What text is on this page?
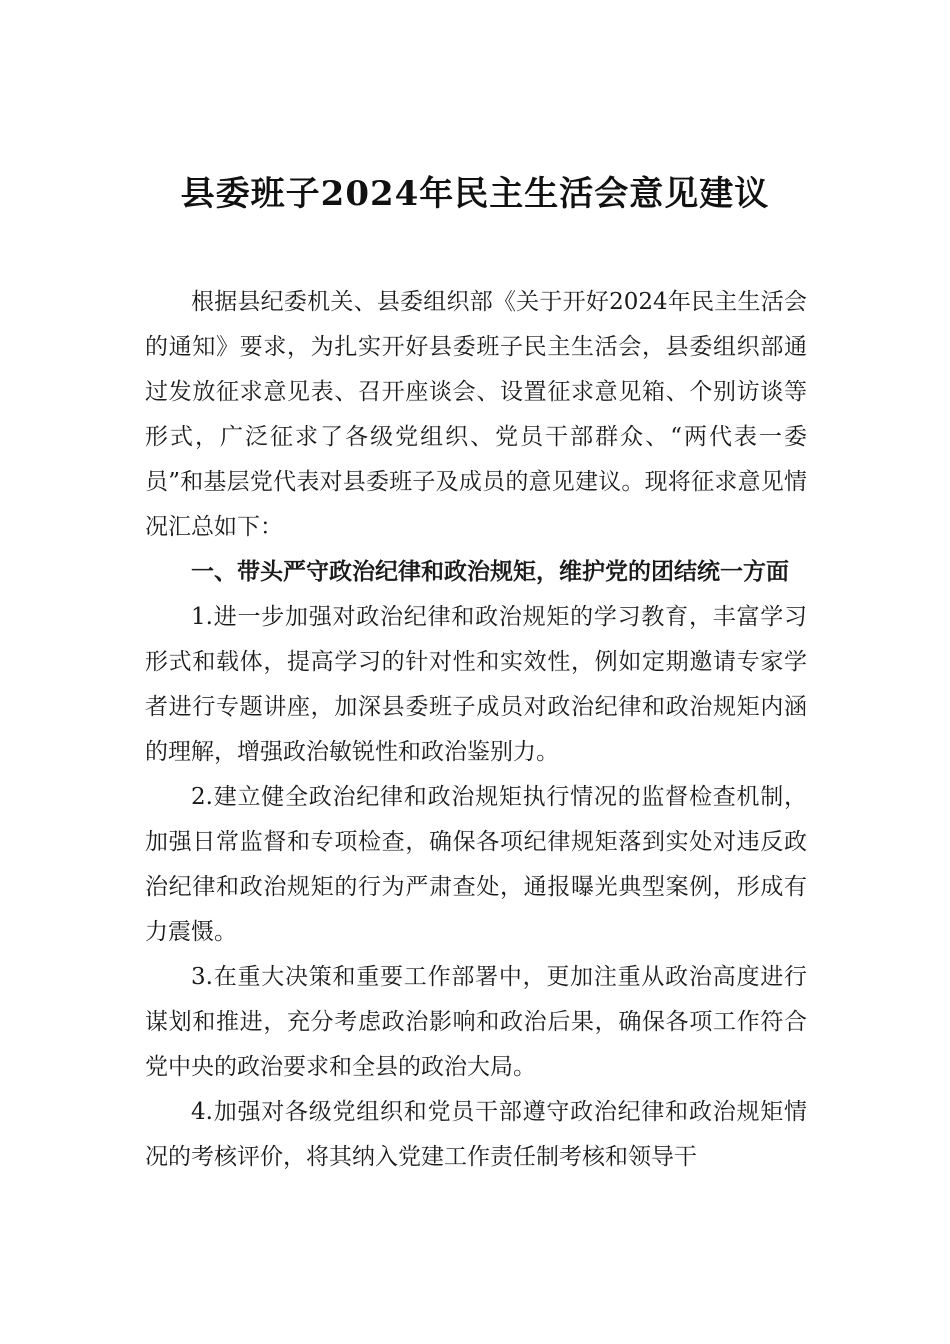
县委班子2024年民主生活会意见建议

根据县纪委机关、县委组织部《关于开好2024年民主生活会的通知》要求，为扎实开好县委班子民主生活会，县委组织部通过发放征求意见表、召开座谈会、设置征求意见箱、个别访谈等形式，广泛征求了各级党组织、党员干部群众、“两代表一委员”和基层党代表对县委班子及成员的意见建议。现将征求意见情况汇总如下：

一、带头严守政治纪律和政治规矩，维护党的团结统一方面

1.进一步加强对政治纪律和政治规矩的学习教育，丰富学习形式和载体，提高学习的针对性和实效性，例如定期邀请专家学者进行专题讲座，加深县委班子成员对政治纪律和政治规矩内涵的理解，增强政治敏锐性和政治鉴别力。

2.建立健全政治纪律和政治规矩执行情况的监督检查机制，加强日常监督和专项检查，确保各项纪律规矩落到实处对违反政治纪律和政治规矩的行为严肃查处，通报曝光典型案例，形成有力震慑。

3.在重大决策和重要工作部署中，更加注重从政治高度进行谋划和推进，充分考虑政治影响和政治后果，确保各项工作符合党中央的政治要求和全县的政治大局。

4.加强对各级党组织和党员干部遵守政治纪律和政治规矩情况的考核评价，将其纳入党建工作责任制考核和领导干
